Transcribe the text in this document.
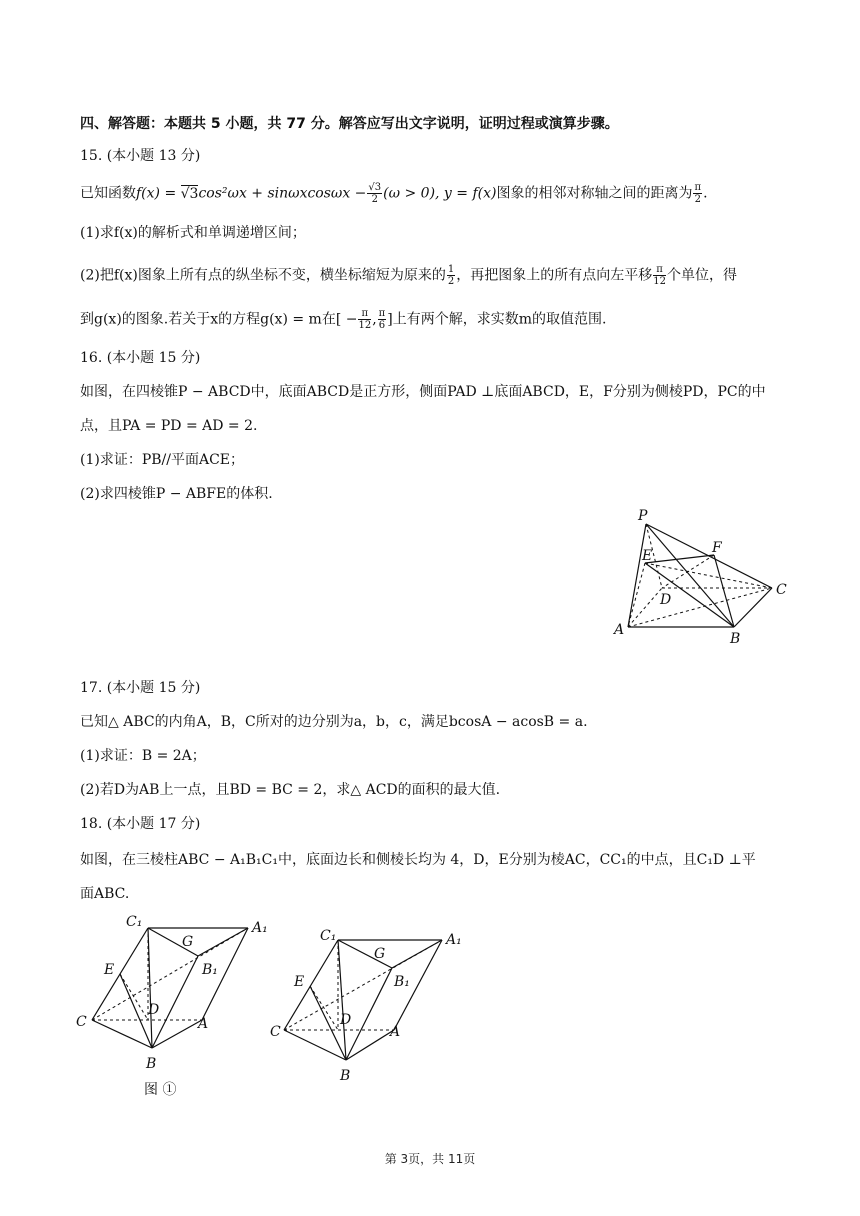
四、解答题：本题共 5 小题，共 77 分。解答应写出文字说明，证明过程或演算步骤。
15. (本小题 13 分)
已知函数$f(x) = √3\cos^2\omega x + \sin\omega xcos\omega x - \frac{√3}{2} (\omega > 0)$, y = f(x)图象的相邻对称轴之间的距离为 $\frac{\pi}{2}$ .
(1)求f(x)的解析式和单调递增区间；
(2)把f(x)图象上所有点的纵坐标不变，横坐标缩短为原来的 $\frac{1}{2}$ ，再把图象上的所有点向左平移 $\frac{\pi}{12}$ 个单位，得
到g(x)的图象.若关于x的方程g(x) = m在[ − $\frac{\pi}{12}$ , $\frac{\pi}{6}$ ]上有两个解，求实数m的取值范围.
16. (本小题 15 分)
如图，在四棱锥P − ABCD中，底面ABCD是正方形，侧面PAD ⊥底面ABCD，E，F分别为侧棱PD，PC的中
点，且PA = PD = AD = 2.
(1)求证：PB//平面ACE；
(2)求四棱锥P − ABFE的体积.
P
E	F
D
C
A
B
17. (本小题 15 分)
已知△ ABC的内角A，B，C所对的边分别为a，b，c，满足bcosA − acosB = a.
(1)求证：B = 2A；
(2)若D为AB上一点，且BD = BC = 2，求△ ACD的面积的最大值.
18. (本小题 17 分)
如图，在三棱柱ABC − A₁B₁C₁中，底面边长和侧棱长均为 4，D，E分别为棱AC，CC₁的中点，且C₁D ⊥平
面ABC.
C₁	A₁
G
B₁
E
D
C	A
B
图 ①
C₁	A₁
G
B₁
E
D
C	A
B
第 3页，共 11页
